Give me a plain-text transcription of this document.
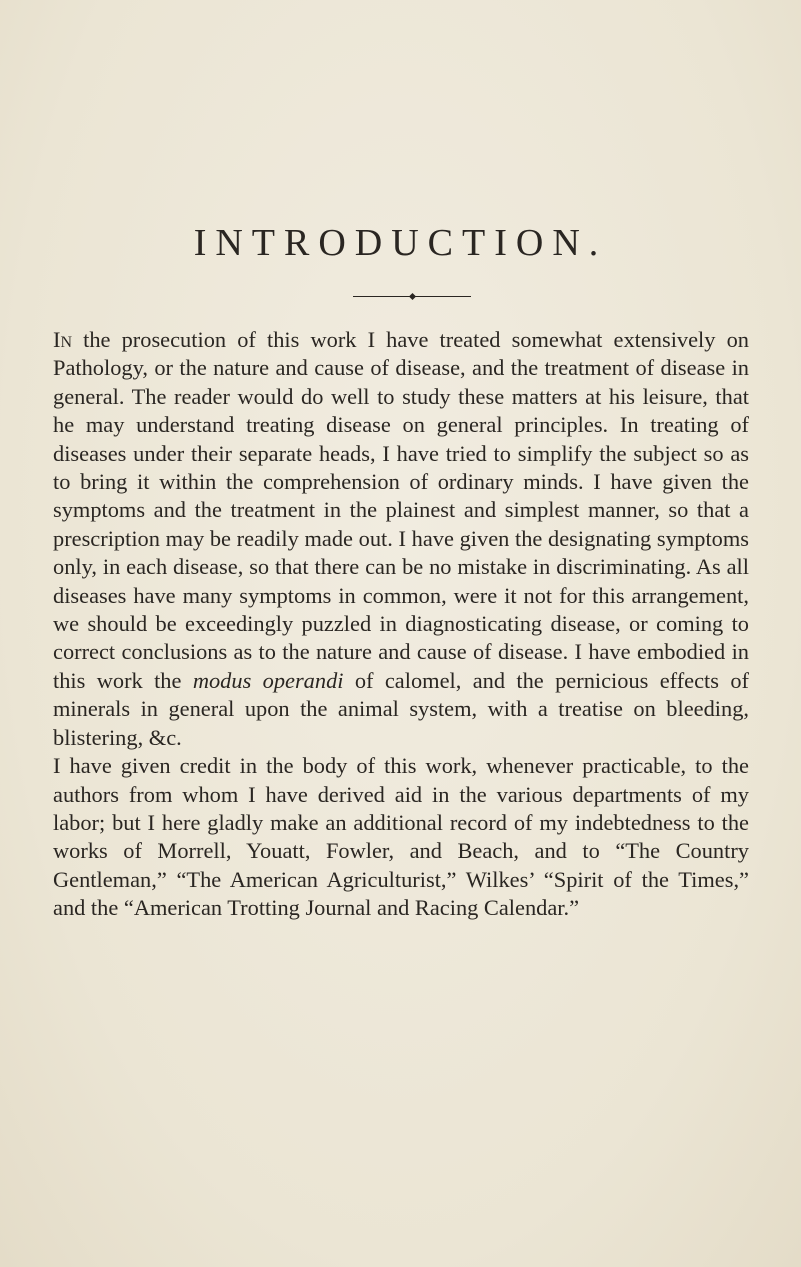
INTRODUCTION.

In the prosecution of this work I have treated somewhat extensively on Pathology, or the nature and cause of disease, and the treatment of disease in general. The reader would do well to study these matters at his leisure, that he may understand treating disease on general principles. In treating of diseases under their separate heads, I have tried to simplify the subject so as to bring it within the comprehension of ordinary minds. I have given the symptoms and the treatment in the plainest and simplest manner, so that a prescription may be readily made out. I have given the designating symptoms only, in each disease, so that there can be no mistake in discriminating. As all diseases have many symptoms in common, were it not for this arrangement, we should be exceedingly puzzled in diagnosticating disease, or coming to correct conclusions as to the nature and cause of disease. I have embodied in this work the modus operandi of calomel, and the pernicious effects of minerals in general upon the animal system, with a treatise on bleeding, blistering, &c.

I have given credit in the body of this work, whenever practicable, to the authors from whom I have derived aid in the various departments of my labor; but I here gladly make an additional record of my indebtedness to the works of Morrell, Youatt, Fowler, and Beach, and to “The Country Gentleman,” “The American Agriculturist,” Wilkes’ “Spirit of the Times,” and the “American Trotting Journal and Racing Calendar.”
